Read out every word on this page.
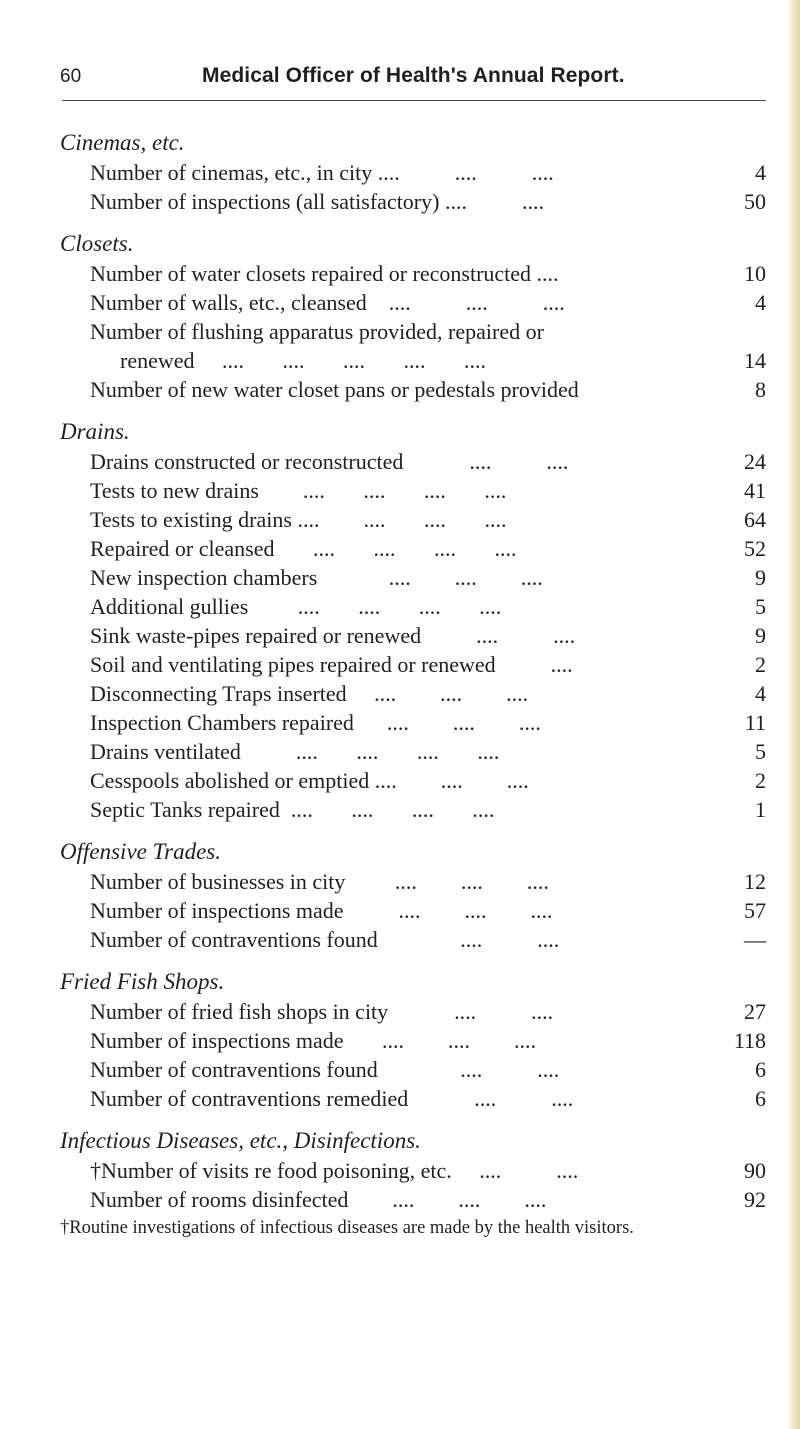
60	Medical Officer of Health's Annual Report.
Cinemas, etc.
Number of cinemas, etc., in city ....          ....          ....	4
Number of inspections (all satisfactory) ....          ....	50
Closets.
Number of water closets repaired or reconstructed ....	10
Number of walls, etc., cleansed    ....          ....          ....	4
Number of flushing apparatus provided, repaired or
renewed     ....       ....       ....       ....       ....	14
Number of new water closet pans or pedestals provided	8
Drains.
Drains constructed or reconstructed            ....          ....	24
Tests to new drains        ....       ....       ....       ....	41
Tests to existing drains ....        ....       ....       ....	64
Repaired or cleansed       ....       ....       ....       ....	52
New inspection chambers             ....        ....        ....	9
Additional gullies         ....       ....       ....       ....	5
Sink waste-pipes repaired or renewed          ....          ....	9
Soil and ventilating pipes repaired or renewed          ....	2
Disconnecting Traps inserted     ....        ....        ....	4
Inspection Chambers repaired      ....        ....        ....	11
Drains ventilated          ....       ....       ....       ....	5
Cesspools abolished or emptied ....        ....        ....	2
Septic Tanks repaired  ....       ....       ....       ....	1
Offensive Trades.
Number of businesses in city         ....        ....        ....	12
Number of inspections made          ....        ....        ....	57
Number of contraventions found               ....          ....	—
Fried Fish Shops.
Number of fried fish shops in city            ....          ....	27
Number of inspections made       ....        ....        ....	118
Number of contraventions found               ....          ....	6
Number of contraventions remedied            ....          ....	6
Infectious Diseases, etc., Disinfections.
†Number of visits re food poisoning, etc.     ....          ....	90
Number of rooms disinfected        ....        ....        ....	92
†Routine investigations of infectious diseases are made by the health visitors.
